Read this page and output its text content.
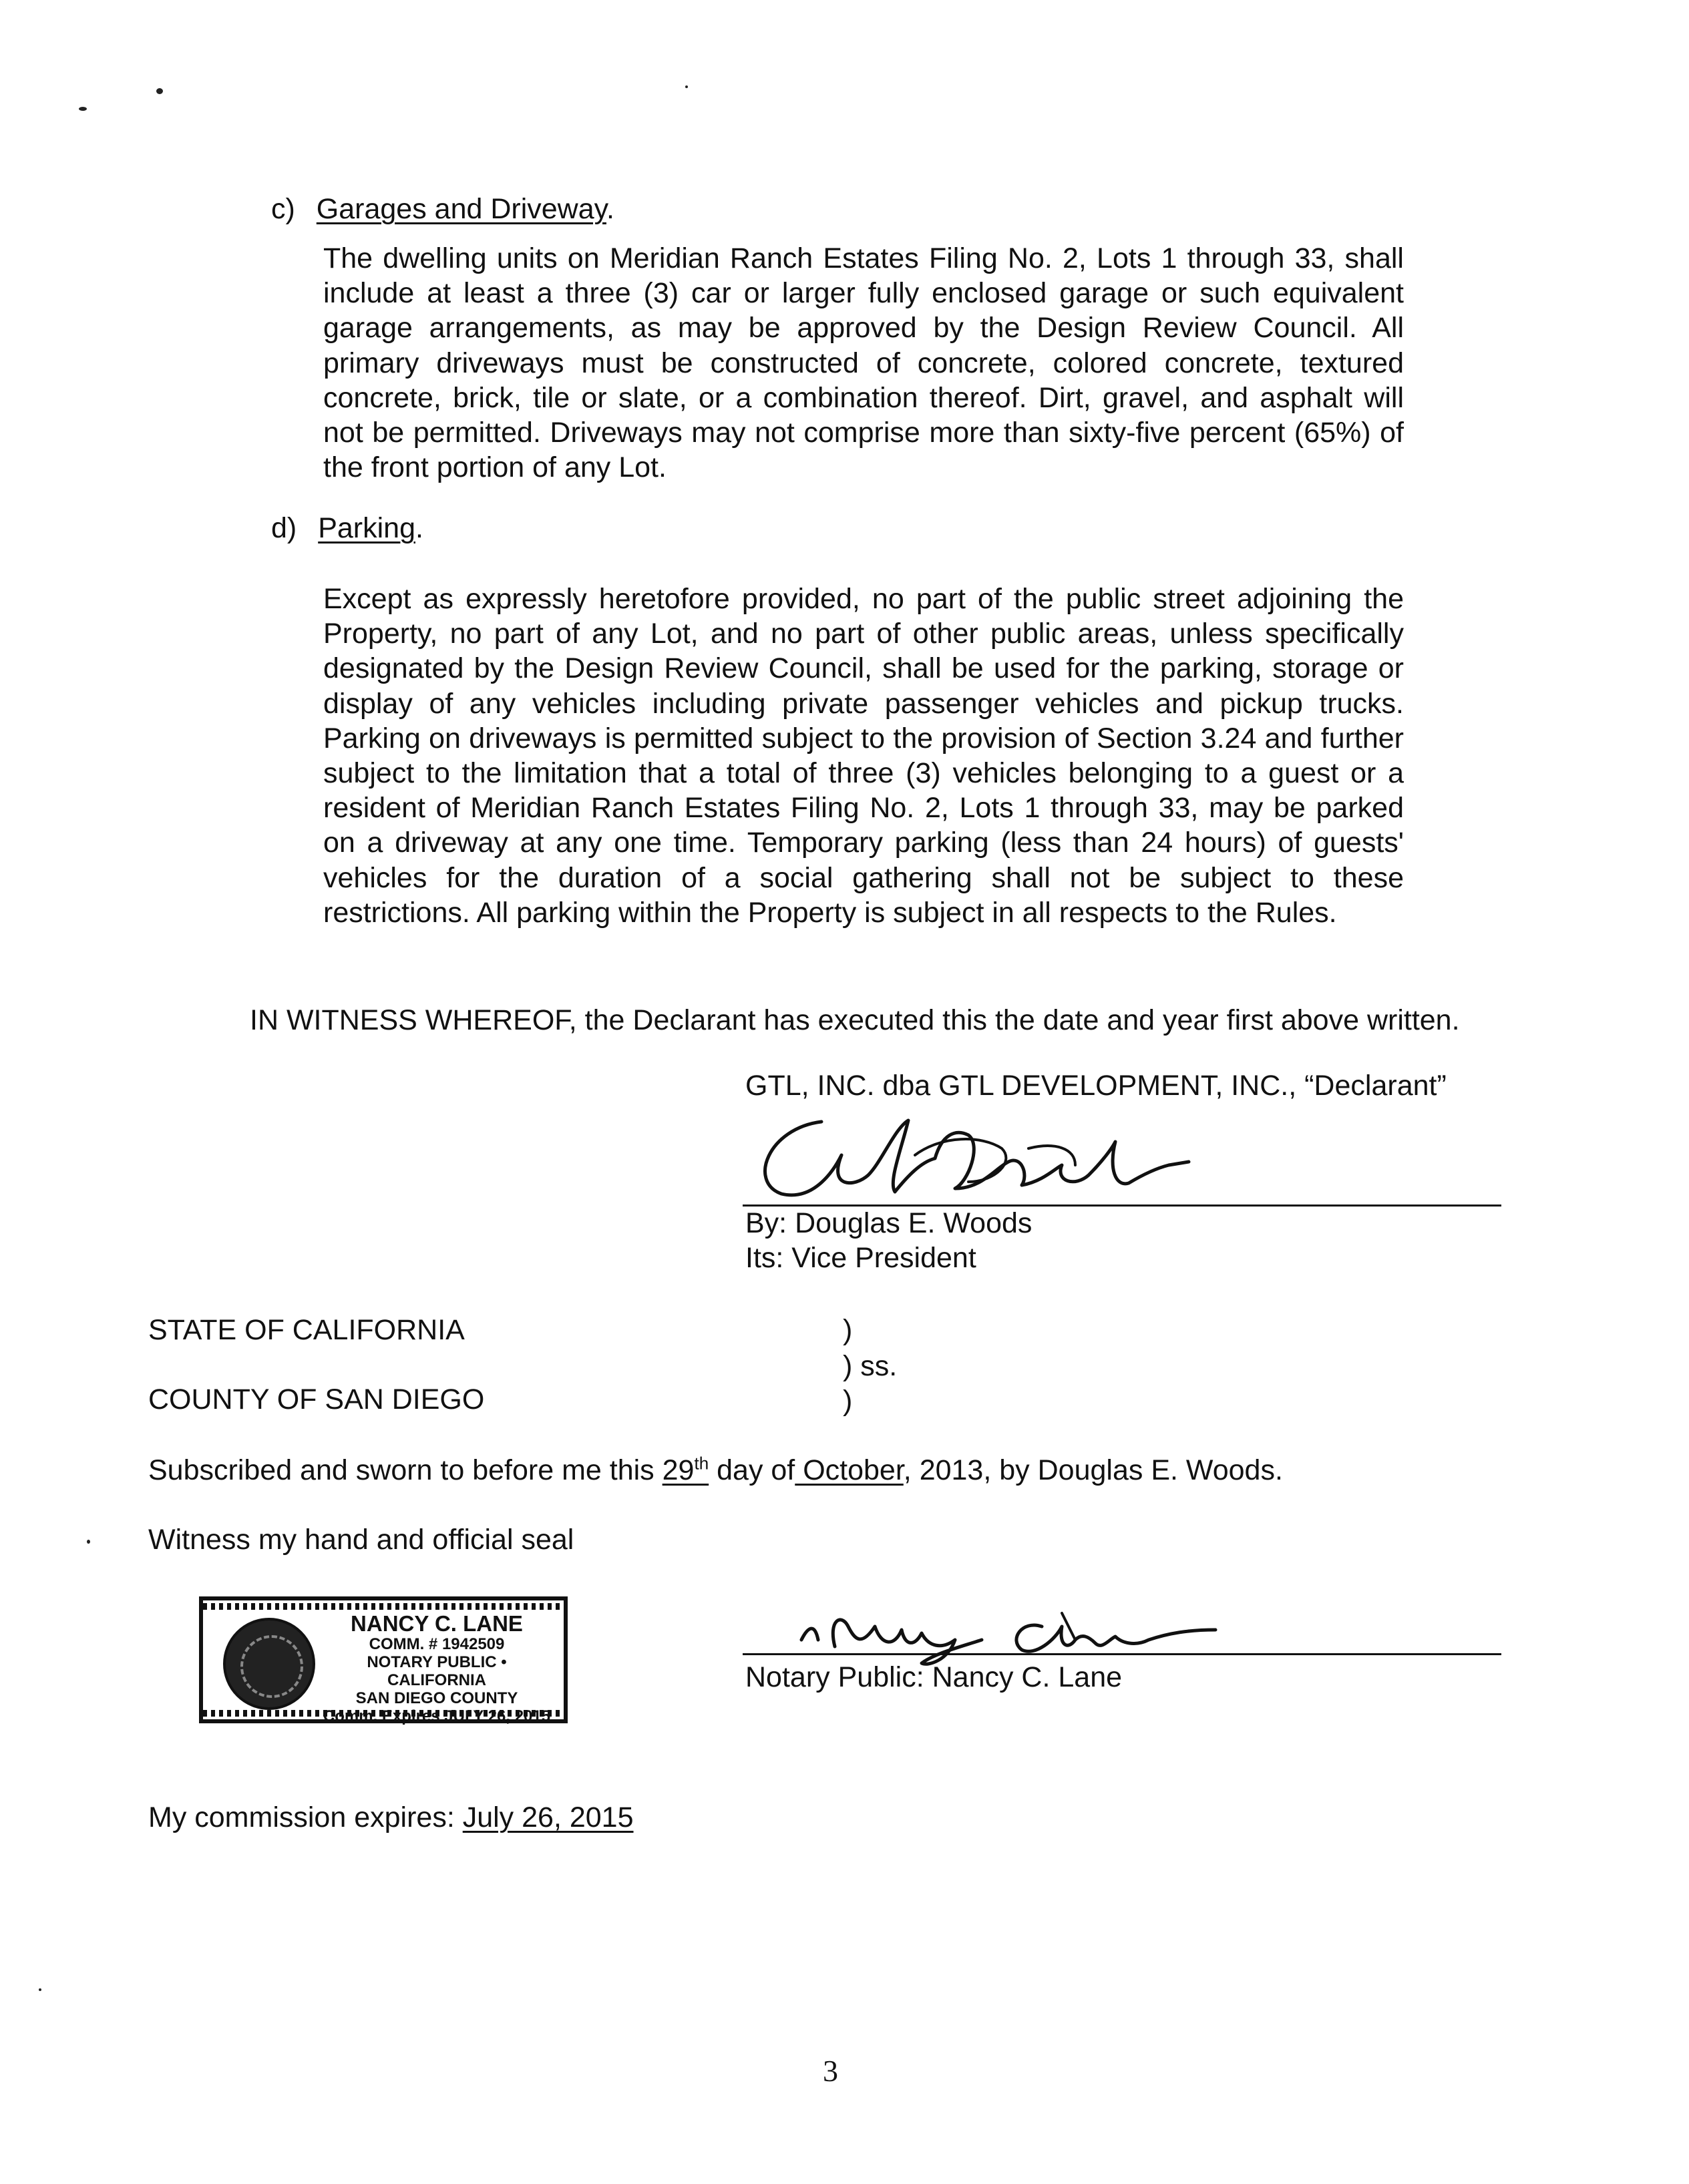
c) Garages and Driveway.
The dwelling units on Meridian Ranch Estates Filing No. 2, Lots 1 through 33, shall include at least a three (3) car or larger fully enclosed garage or such equivalent garage arrangements, as may be approved by the Design Review Council. All primary driveways must be constructed of concrete, colored concrete, textured concrete, brick, tile or slate, or a combination thereof. Dirt, gravel, and asphalt will not be permitted. Driveways may not comprise more than sixty-five percent (65%) of the front portion of any Lot.
d) Parking.
Except as expressly heretofore provided, no part of the public street adjoining the Property, no part of any Lot, and no part of other public areas, unless specifically designated by the Design Review Council, shall be used for the parking, storage or display of any vehicles including private passenger vehicles and pickup trucks. Parking on driveways is permitted subject to the provision of Section 3.24 and further subject to the limitation that a total of three (3) vehicles belonging to a guest or a resident of Meridian Ranch Estates Filing No. 2, Lots 1 through 33, may be parked on a driveway at any one time. Temporary parking (less than 24 hours) of guests' vehicles for the duration of a social gathering shall not be subject to these restrictions. All parking within the Property is subject in all respects to the Rules.
IN WITNESS WHEREOF, the Declarant has executed this the date and year first above written.
GTL, INC. dba GTL DEVELOPMENT, INC., “Declarant”
By: Douglas E. Woods
Its: Vice President
STATE OF CALIFORNIA
COUNTY OF SAN DIEGO
)
) ss.
)
Subscribed and sworn to before me this 29th day of October, 2013, by Douglas E. Woods.
Witness my hand and official seal
NANCY C. LANE
COMM. # 1942509
NOTARY PUBLIC • CALIFORNIA
SAN DIEGO COUNTY
Comm. Expires JULY 26, 2015
Notary Public: Nancy C. Lane
My commission expires: July 26, 2015
3
